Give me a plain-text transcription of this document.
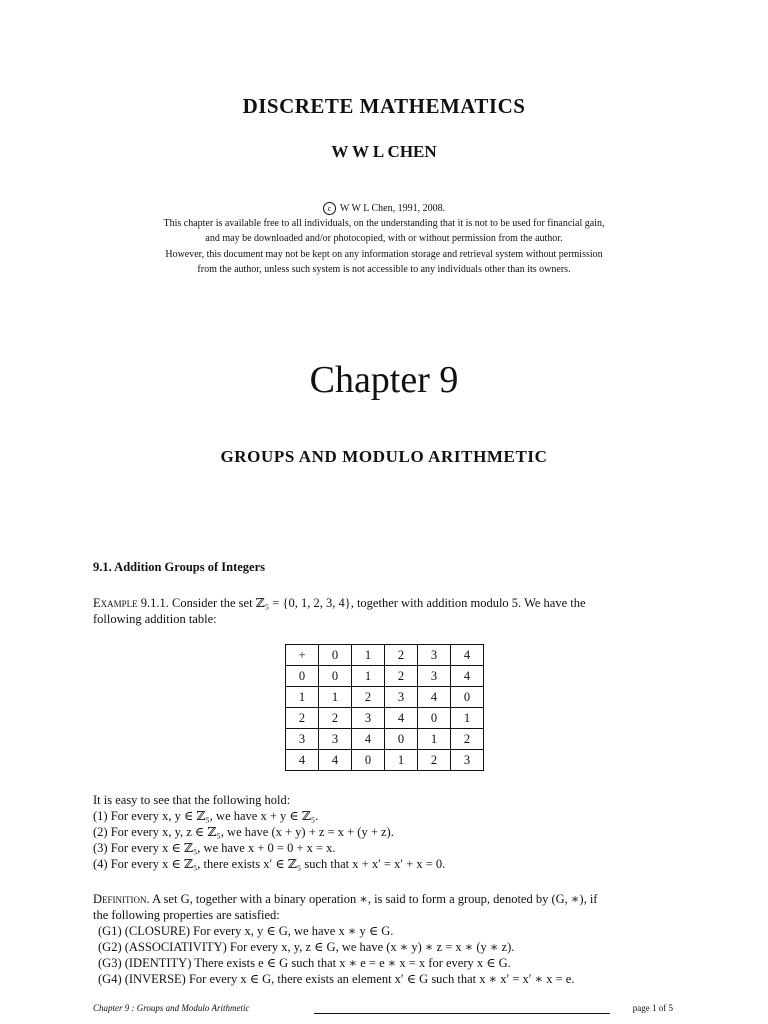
DISCRETE MATHEMATICS
W W L CHEN
c W W L Chen, 1991, 2008.
This chapter is available free to all individuals, on the understanding that it is not to be used for financial gain,
and may be downloaded and/or photocopied, with or without permission from the author.
However, this document may not be kept on any information storage and retrieval system without permission
from the author, unless such system is not accessible to any individuals other than its owners.
Chapter 9
GROUPS AND MODULO ARITHMETIC
9.1. Addition Groups of Integers
Example 9.1.1. Consider the set ℤ₅ = {0, 1, 2, 3, 4}, together with addition modulo 5. We have the
following addition table:
+	0	1	2	3	4
0	0	1	2	3	4
1	1	2	3	4	0
2	2	3	4	0	1
3	3	4	0	1	2
4	4	0	1	2	3
It is easy to see that the following hold:
(1) For every x, y ∈ ℤ₅, we have x + y ∈ ℤ₅.
(2) For every x, y, z ∈ ℤ₅, we have (x + y) + z = x + (y + z).
(3) For every x ∈ ℤ₅, we have x + 0 = 0 + x = x.
(4) For every x ∈ ℤ₅, there exists x′ ∈ ℤ₅ such that x + x′ = x′ + x = 0.
Definition. A set G, together with a binary operation ∗, is said to form a group, denoted by (G, ∗), if
the following properties are satisfied:
(G1) (CLOSURE) For every x, y ∈ G, we have x ∗ y ∈ G.
(G2) (ASSOCIATIVITY) For every x, y, z ∈ G, we have (x ∗ y) ∗ z = x ∗ (y ∗ z).
(G3) (IDENTITY) There exists e ∈ G such that x ∗ e = e ∗ x = x for every x ∈ G.
(G4) (INVERSE) For every x ∈ G, there exists an element x′ ∈ G such that x ∗ x′ = x′ ∗ x = e.
Chapter 9 : Groups and Modulo Arithmetic	page 1 of 5
